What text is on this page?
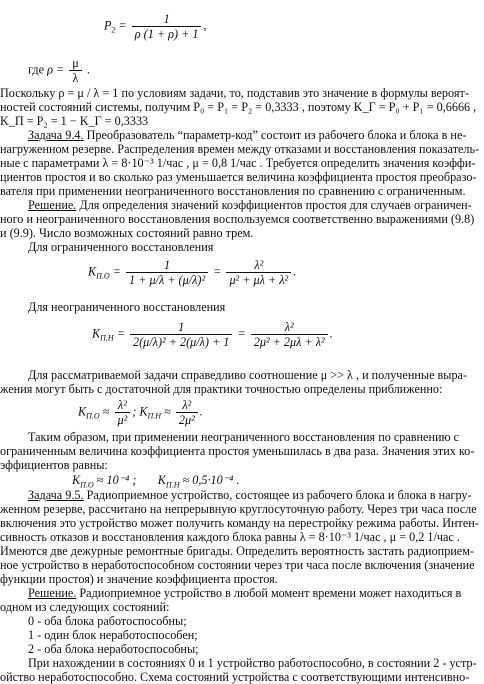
$P_2 = \frac{1}{\rho (1 + \rho) + 1}$ ,
где $\rho = \frac{\mu}{\lambda}$ .
Поскольку ρ = μ / λ = 1 по условиям задачи, то, подставив это значение в формулы вероят-
ностей состояний системы, получим P₀ = P₁ = P₂ = 0,3333 , поэтому K_Г = P₀ + P₁ = 0,6666 ,
K_П = P₂ = 1 − K_Г = 0,3333
Задача 9.4. Преобразователь “параметр-код” состоит из рабочего блока и блока в не-
нагруженном резерве. Распределения времен между отказами и восстановления показатель-
ные с параметрами λ = 8·10⁻³ 1/час , μ = 0,8 1/час . Требуется определить значения коэффи-
циентов простоя и во сколько раз уменьшается величина коэффициента простоя преобразо-
вателя при применении неограниченного восстановления по сравнению с ограниченным.
Решение. Для определения значений коэффициентов простоя для случаев ограничен-
ного и неограниченного восстановления воспользуемся соответственно выражениями (9.8)
и (9.9). Число возможных состояний равно трем.
Для ограниченного восстановления
$K_{П.О} = \frac{1}{\text{1 + μ/λ + (μ/λ)²}} = \frac{\text{λ²}}{\text{μ² + μλ + λ²}}$ .
Для неограниченного восстановления
$K_{П.Н} = \frac{1}{\text{2(μ/λ)² + 2(μ/λ) + 1}} = \frac{\text{λ²}}{\text{2μ² + 2μλ + λ²}}$ .
Для рассматриваемой задачи справедливо соотношение μ >> λ , и полученные выра-
жения могут быть с достаточной для практики точностью определены приближенно:
$K_{П.О} \approx \frac{\text{λ²}}{\text{μ²}}$ ; $K_{П.Н} \approx \frac{\text{λ²}}{\text{2μ²}}$ .
Таким образом, при применении неограниченного восстановления по сравнению с
ограниченным величина коэффициента простоя уменьшилась в два раза. Значения этих ко-
эффициентов равны:
$K_{П.О} \approx 10^{-4}$ ; $K_{П.Н} \approx 0,5\cdot 10^{-4}$ .
Задача 9.5. Радиоприемное устройство, состоящее из рабочего блока и блока в нагру-
женном резерве, рассчитано на непрерывную круглосуточную работу. Через три часа после
включения это устройство может получить команду на перестройку режима работы. Интен-
сивность отказов и восстановления каждого блока равны λ = 8·10⁻³ 1/час , μ = 0,2 1/час .
Имеются две дежурные ремонтные бригады. Определить вероятность застать радиоприем-
ное устройство в неработоспособном состоянии через три часа после включения (значение
функции простоя) и значение коэффициента простоя.
Решение. Радиоприемное устройство в любой момент времени может находиться в
одном из следующих состояний:
0 - оба блока работоспособны;
1 - один блок неработоспособен;
2 - оба блока неработоспособны;
При нахождении в состояниях 0 и 1 устройство работоспособно, в состоянии 2 - устр-
ойство неработоспособно. Схема состояний устройства с соответствующими интенсивно-
